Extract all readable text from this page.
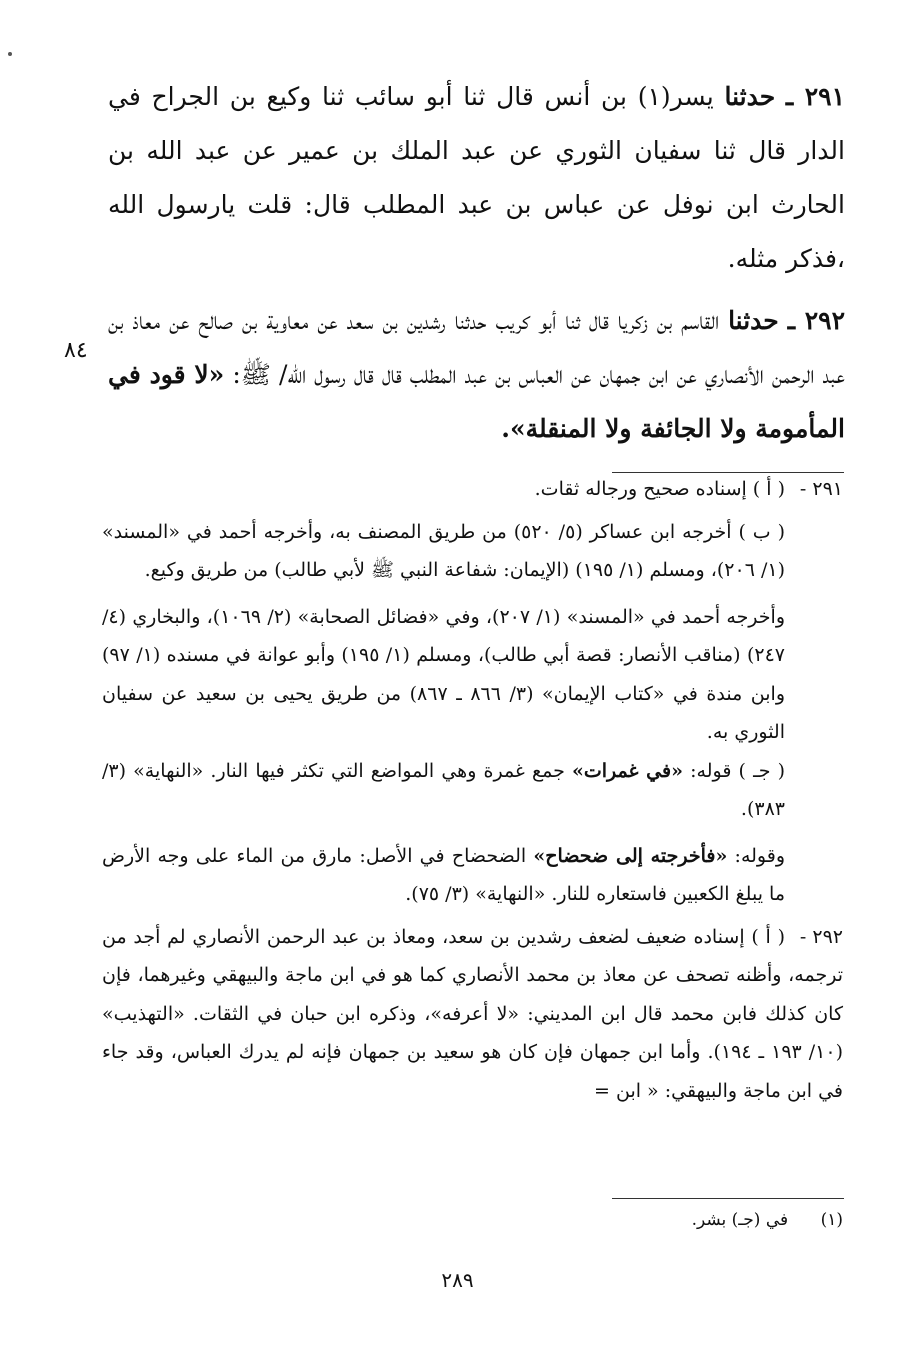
٢٩١ ـ حدثنا يسر(١) بن أنس قال ثنا أبو سائب ثنا وكيع بن الجراح في الدار قال ثنا سفيان الثوري عن عبد الملك بن عمير عن عبد الله بن الحارث ابن نوفل عن عباس بن عبد المطلب قال: قلت يارسول الله ،فذكر مثله.

٢٩٢ ـ حدثنا القاسم بن زكريا قال ثنا أبو كريب حدثنا رشدين بن سعد عن معاوية بن صالح عن معاذ بن عبد الرحمن الأنصاري عن ابن جمهان عن العباس بن عبد المطلب قال قال رسول الله/ ﷺ: «لا قود في المأمومة ولا الجائفة ولا المنقلة».

٨٤

٢٩١ -( أ ) إسناده صحيح ورجاله ثقات.

( ب ) أخرجه ابن عساكر (٥/ ٥٢٠) من طريق المصنف به، وأخرجه أحمد في «المسند» (١/ ٢٠٦)، ومسلم (١/ ١٩٥) (الإيمان: شفاعة النبي ﷺ لأبي طالب) من طريق وكيع.

وأخرجه أحمد في «المسند» (١/ ٢٠٧)، وفي «فضائل الصحابة» (٢/ ١٠٦٩)، والبخاري (٤/ ٢٤٧) (مناقب الأنصار: قصة أبي طالب)، ومسلم (١/ ١٩٥) وأبو عوانة في مسنده (١/ ٩٧) وابن مندة في «كتاب الإيمان» (٣/ ٨٦٦ ـ ٨٦٧) من طريق يحيى بن سعيد عن سفيان الثوري به.

( جـ ) قوله: «في غمرات» جمع غمرة وهي المواضع التي تكثر فيها النار. «النهاية» (٣/ ٣٨٣).

وقوله: «فأخرجته إلى ضحضاح» الضحضاح في الأصل: مارق من الماء على وجه الأرض ما يبلغ الكعبين فاستعاره للنار. «النهاية» (٣/ ٧٥).

٢٩٢ -( أ ) إسناده ضعيف لضعف رشدين بن سعد، ومعاذ بن عبد الرحمن الأنصاري لم أجد من ترجمه، وأظنه تصحف عن معاذ بن محمد الأنصاري كما هو في ابن ماجة والبيهقي وغيرهما، فإن كان كذلك فابن محمد قال ابن المديني: «لا أعرفه»، وذكره ابن حبان في الثقات. «التهذيب» (١٠/ ١٩٣ ـ ١٩٤). وأما ابن جمهان فإن كان هو سعيد بن جمهان فإنه لم يدرك العباس، وقد جاء في ابن ماجة والبيهقي: « ابن =

(١)      في (جـ) بشر.
٢٨٩
